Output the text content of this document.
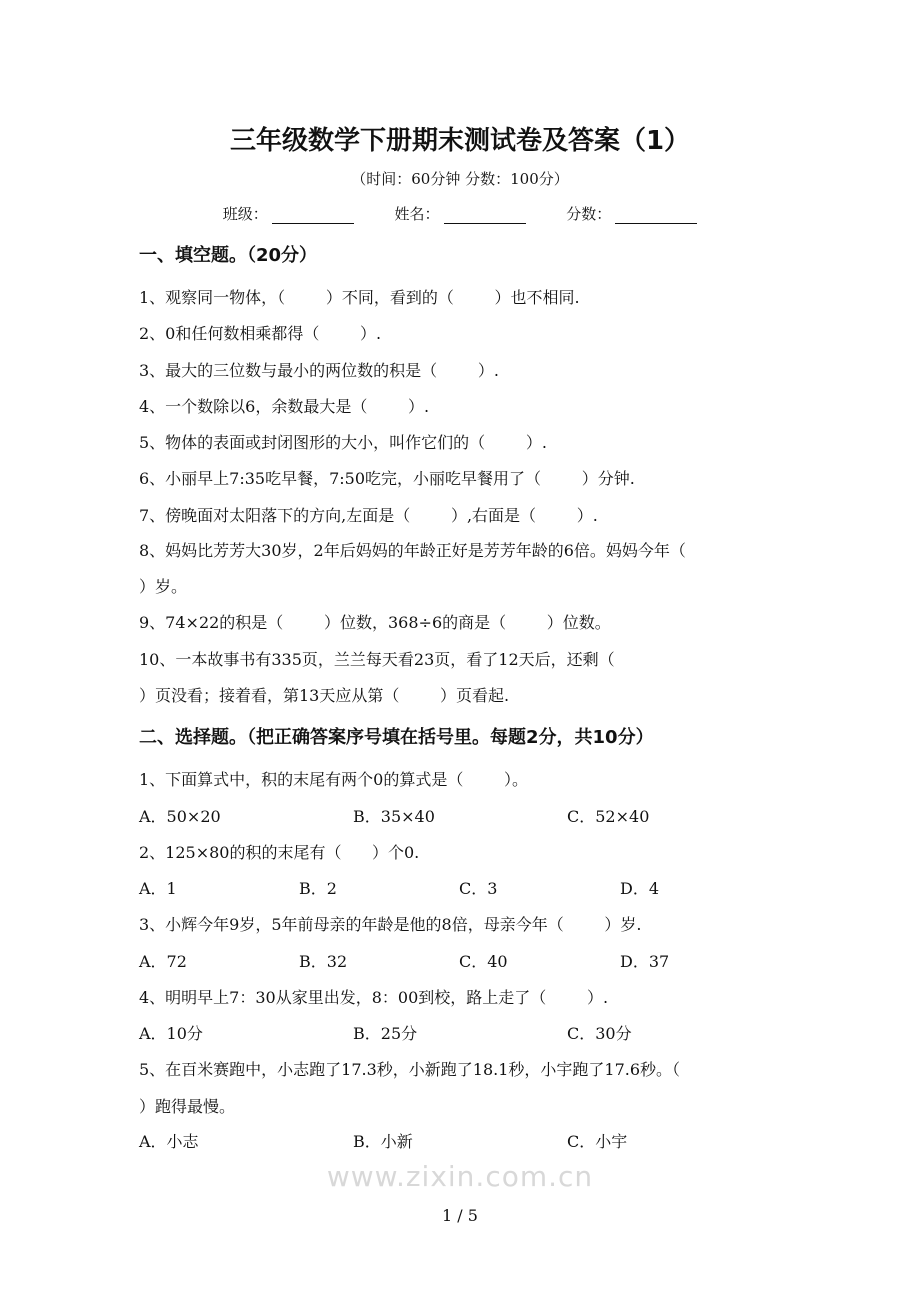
三年级数学下册期末测试卷及答案（1）
（时间：60分钟 分数：100分）
班级：	姓名：	分数：
一、填空题。（20分）
1、观察同一物体，（        ）不同，看到的（        ）也不相同.
2、0和任何数相乘都得（        ）.
3、最大的三位数与最小的两位数的积是（        ）.
4、一个数除以6，余数最大是（        ）.
5、物体的表面或封闭图形的大小，叫作它们的（        ）.
6、小丽早上7:35吃早餐，7:50吃完，小丽吃早餐用了（        ）分钟.
7、傍晚面对太阳落下的方向,左面是（        ）,右面是（        ）.
8、妈妈比芳芳大30岁，2年后妈妈的年龄正好是芳芳年龄的6倍。妈妈今年（
）岁。
9、74×22的积是（        ）位数，368÷6的商是（        ）位数。
10、一本故事书有335页，兰兰每天看23页，看了12天后，还剩（
）页没看；接着看，第13天应从第（        ）页看起.
二、选择题。（把正确答案序号填在括号里。每题2分，共10分）
1、下面算式中，积的末尾有两个0的算式是（        ）。
A．50×20	B．35×40	C．52×40
2、125×80的积的末尾有（      ）个0.
A．1	B．2	C．3	D．4
3、小辉今年9岁，5年前母亲的年龄是他的8倍，母亲今年（        ）岁.
A．72	B．32	C．40	D．37
4、明明早上7：30从家里出发，8：00到校，路上走了（        ）.
A．10分	B．25分	C．30分
5、在百米赛跑中，小志跑了17.3秒，小新跑了18.1秒，小宇跑了17.6秒。（
）跑得最慢。
A．小志	B．小新	C．小宇
www.zixin.com.cn
1 / 5
